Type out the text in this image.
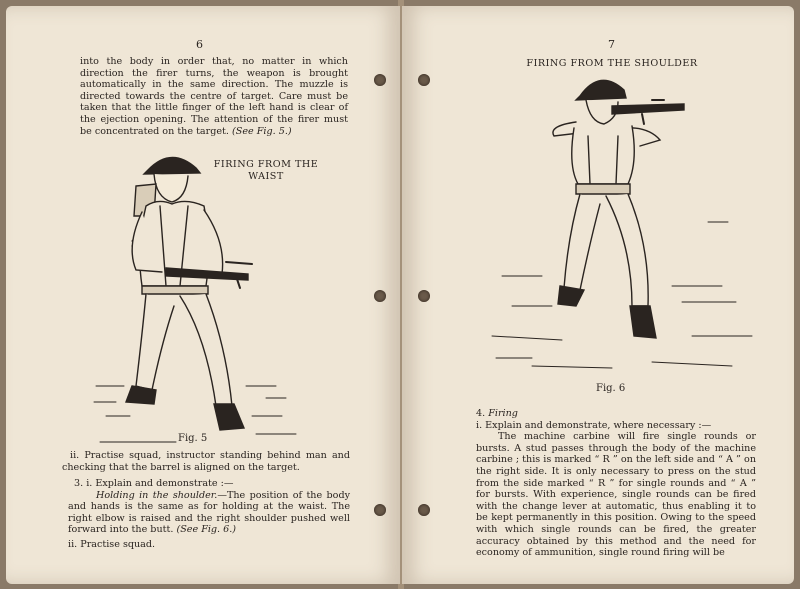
6

into the body in order that, no matter in which direction the firer turns, the weapon is brought automatically in the same direction. The muzzle is directed towards the centre of target. Care must be taken that the little finger of the left hand is clear of the ejection opening. The attention of the firer must be concentrated on the target. (See Fig. 5.)

FIRING FROM THE
WAIST
Fig. 5

ii. Practise squad, instructor standing behind man and checking that the barrel is aligned on the target.

3. i. Explain and demonstrate :—

Holding in the shoulder.—The position of the body and hands is the same as for holding at the waist. The right elbow is raised and the right shoulder pushed well forward into the butt. (See Fig. 6.)

ii. Practise squad.

7
FIRING FROM THE SHOULDER
Fig. 6

4. Firing

i. Explain and demonstrate, where necessary :—

The machine carbine will fire single rounds or bursts. A stud passes through the body of the machine carbine ; this is marked “ R ” on the left side and “ A ” on the right side. It is only necessary to press on the stud from the side marked “ R ” for single rounds and “ A ” for bursts. With experience, single rounds can be fired with the change lever at automatic, thus enabling it to be kept permanently in this position. Owing to the speed with which single rounds can be fired, the greater accuracy obtained by this method and the need for economy of ammunition, single round firing will be
